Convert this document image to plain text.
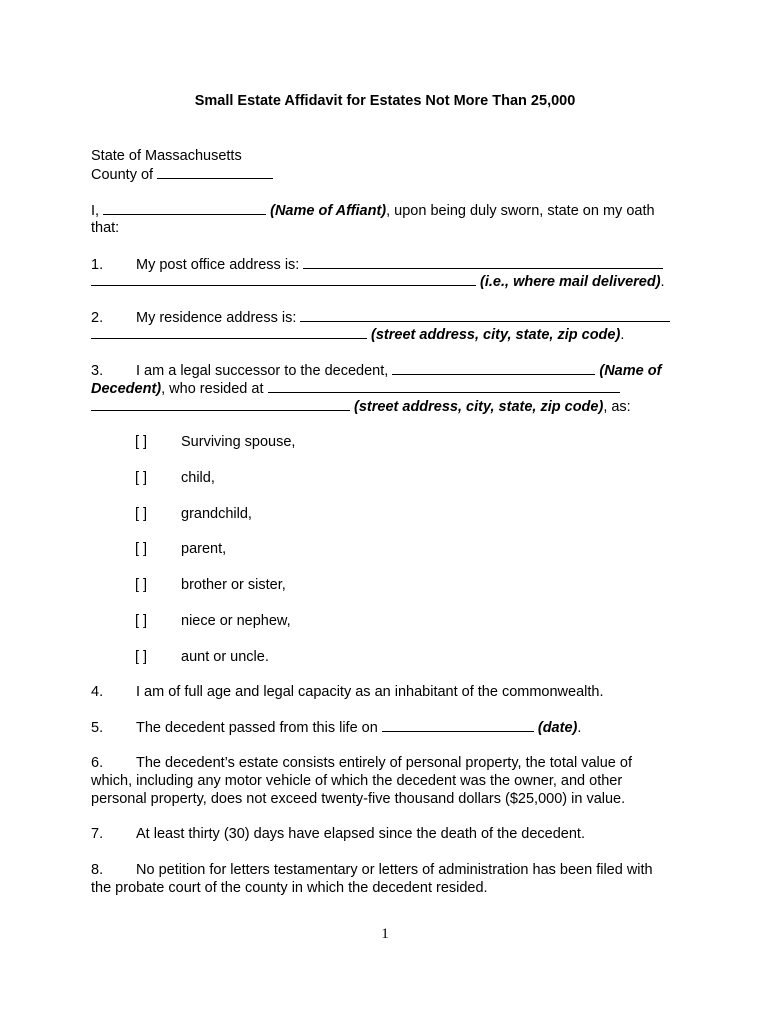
Small Estate Affidavit for Estates Not More Than 25,000
State of Massachusetts
County of
I,	(Name of Affiant), upon being duly sworn, state on my oath
that:
1. My post office address is:
(i.e., where mail delivered).
2. My residence address is:
(street address, city, state, zip code).
3. I am a legal successor to the decedent,	(Name of
Decedent), who resided at
(street address, city, state, zip code), as:
[ ] Surviving spouse,
[ ] child,
[ ] grandchild,
[ ] parent,
[ ] brother or sister,
[ ] niece or nephew,
[ ] aunt or uncle.
4. I am of full age and legal capacity as an inhabitant of the commonwealth.
5. The decedent passed from this life on	(date).
6. The decedent’s estate consists entirely of personal property, the total value of
which, including any motor vehicle of which the decedent was the owner, and other
personal property, does not exceed twenty-five thousand dollars ($25,000) in value.
7. At least thirty (30) days have elapsed since the death of the decedent.
8. No petition for letters testamentary or letters of administration has been filed with
the probate court of the county in which the decedent resided.
1
